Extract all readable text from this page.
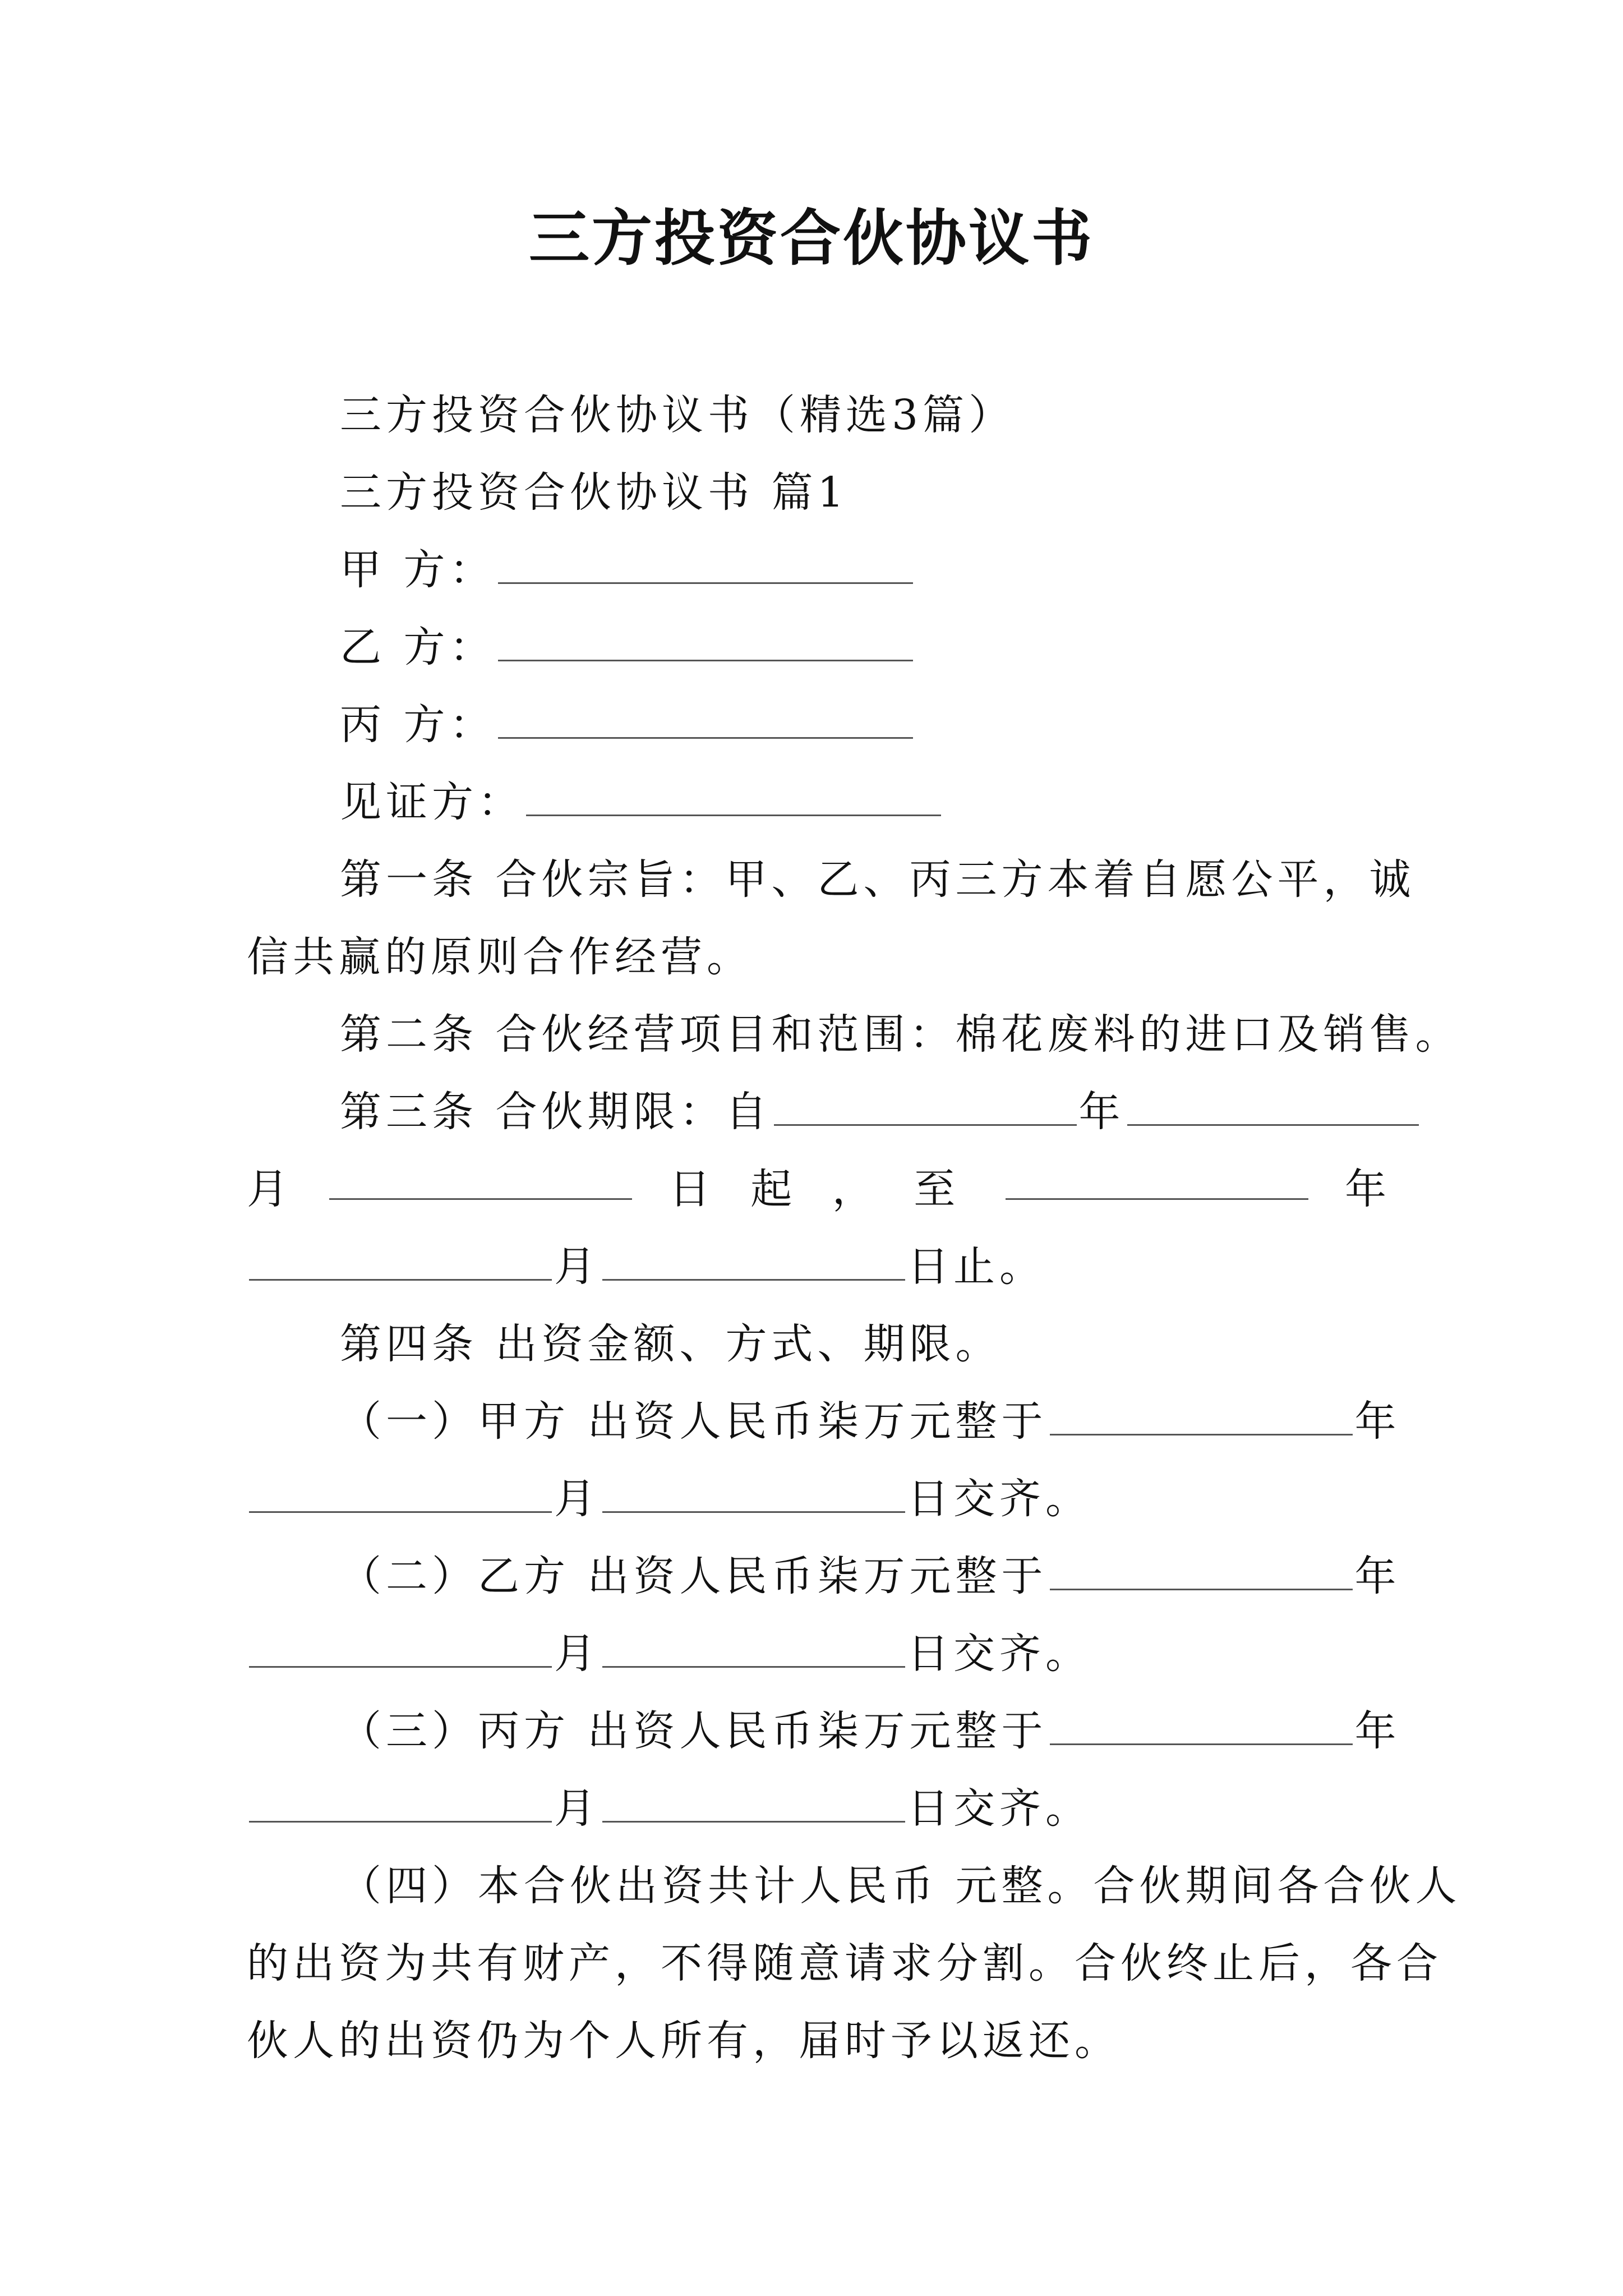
三方投资合伙协议书
三方投资合伙协议书（精选3篇）
三方投资合伙协议书 篇1
甲 方：
乙 方：
丙 方：
见证方：
第一条 合伙宗旨：甲、乙、丙三方本着自愿公平，诚
信共赢的原则合作经营。
第二条 合伙经营项目和范围：棉花废料的进口及销售。
第三条 合伙期限：自	年
月	日 起 ， 至	年
月	日止。
第四条 出资金额、方式、期限。
（一）甲方 出资人民币柒万元整于	年
月	日交齐。
（二）乙方 出资人民币柒万元整于	年
月	日交齐。
（三）丙方 出资人民币柒万元整于	年
月	日交齐。
（四）本合伙出资共计人民币 元整。合伙期间各合伙人
的出资为共有财产，不得随意请求分割。合伙终止后，各合
伙人的出资仍为个人所有，届时予以返还。
